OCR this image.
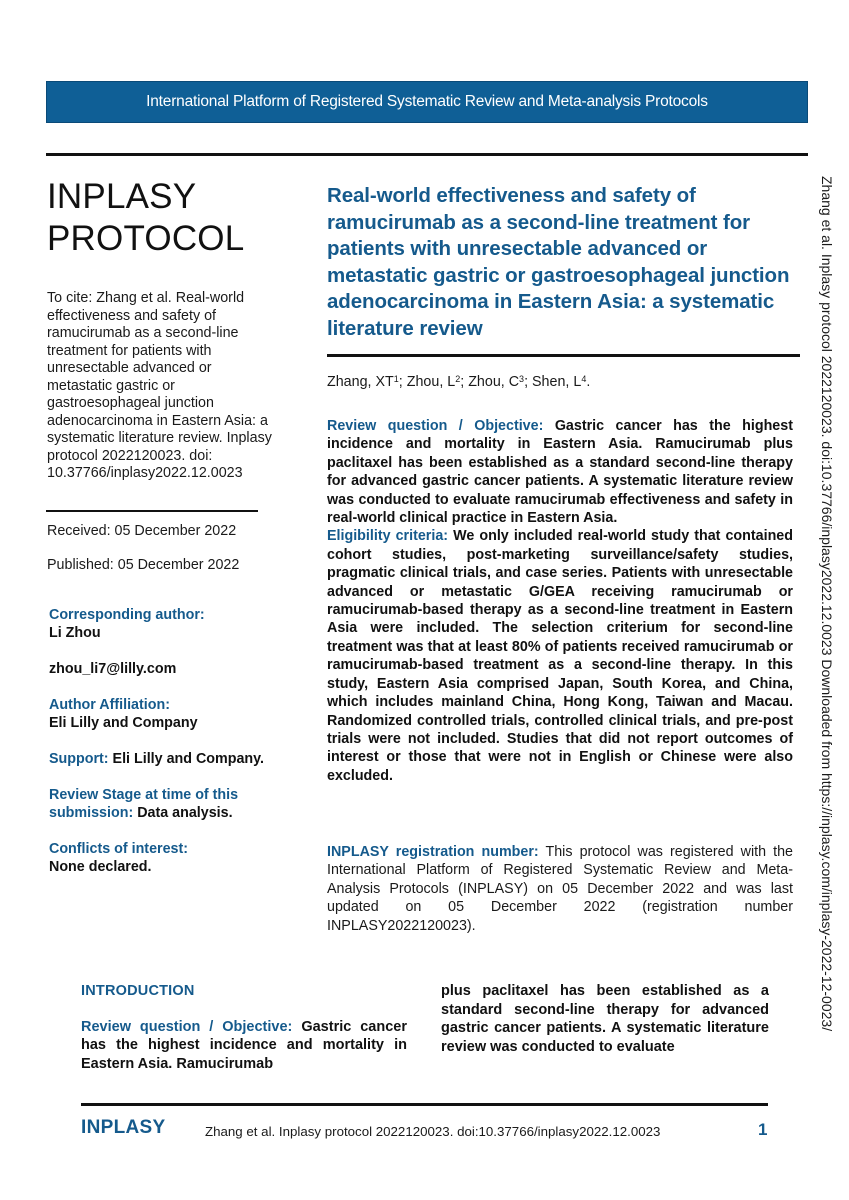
International Platform of Registered Systematic Review and Meta-analysis Protocols
INPLASY
PROTOCOL
To cite: Zhang et al. Real-world effectiveness and safety of ramucirumab as a second-line treatment for patients with unresectable advanced or metastatic gastric or gastroesophageal junction adenocarcinoma in Eastern Asia: a systematic literature review. Inplasy protocol 2022120023. doi: 10.37766/inplasy2022.12.0023
Received: 05 December 2022
Published: 05 December 2022
Corresponding author:
Li Zhou
zhou_li7@lilly.com
Author Affiliation:
Eli Lilly and Company
Support: Eli Lilly and Company.
Review Stage at time of this submission: Data analysis.
Conflicts of interest:
None declared.
Real-world effectiveness and safety of ramucirumab as a second-line treatment for patients with unresectable advanced or metastatic gastric or gastroesophageal junction adenocarcinoma in Eastern Asia: a systematic literature review
Zhang, $XT^1$; Zhou, $L^2$; Zhou, $C^3$; Shen, $L^4$.

Review question / Objective: Gastric cancer has the highest incidence and mortality in Eastern Asia. Ramucirumab plus paclitaxel has been established as a standard second-line therapy for advanced gastric cancer patients. A systematic literature review was conducted to evaluate ramucirumab effectiveness and safety in real-world clinical practice in Eastern Asia.

Eligibility criteria: We only included real-world study that contained cohort studies, post-marketing surveillance/safety studies, pragmatic clinical trials, and case series. Patients with unresectable advanced or metastatic G/GEA receiving ramucirumab or ramucirumab-based therapy as a second-line treatment in Eastern Asia were included. The selection criterium for second-line treatment was that at least 80% of patients received ramucirumab or ramucirumab-based treatment as a second-line therapy. In this study, Eastern Asia comprised Japan, South Korea, and China, which includes mainland China, Hong Kong, Taiwan and Macau. Randomized controlled trials, controlled clinical trials, and pre-post trials were not included. Studies that did not report outcomes of interest or those that were not in English or Chinese were also excluded.

INPLASY registration number: This protocol was registered with the International Platform of Registered Systematic Review and Meta-Analysis Protocols (INPLASY) on 05 December 2022 and was last updated on 05 December 2022 (registration number INPLASY2022120023).
INTRODUCTION

Review question / Objective: Gastric cancer has the highest incidence and mortality in Eastern Asia. Ramucirumab

plus paclitaxel has been established as a standard second-line therapy for advanced gastric cancer patients. A systematic literature review was conducted to evaluate

INPLASY	Zhang et al. Inplasy protocol 2022120023. doi:10.37766/inplasy2022.12.0023	1
Zhang et al. Inplasy protocol 2022120023. doi:10.37766/inplasy2022.12.0023 Downloaded from https://inplasy.com/inplasy-2022-12-0023/
